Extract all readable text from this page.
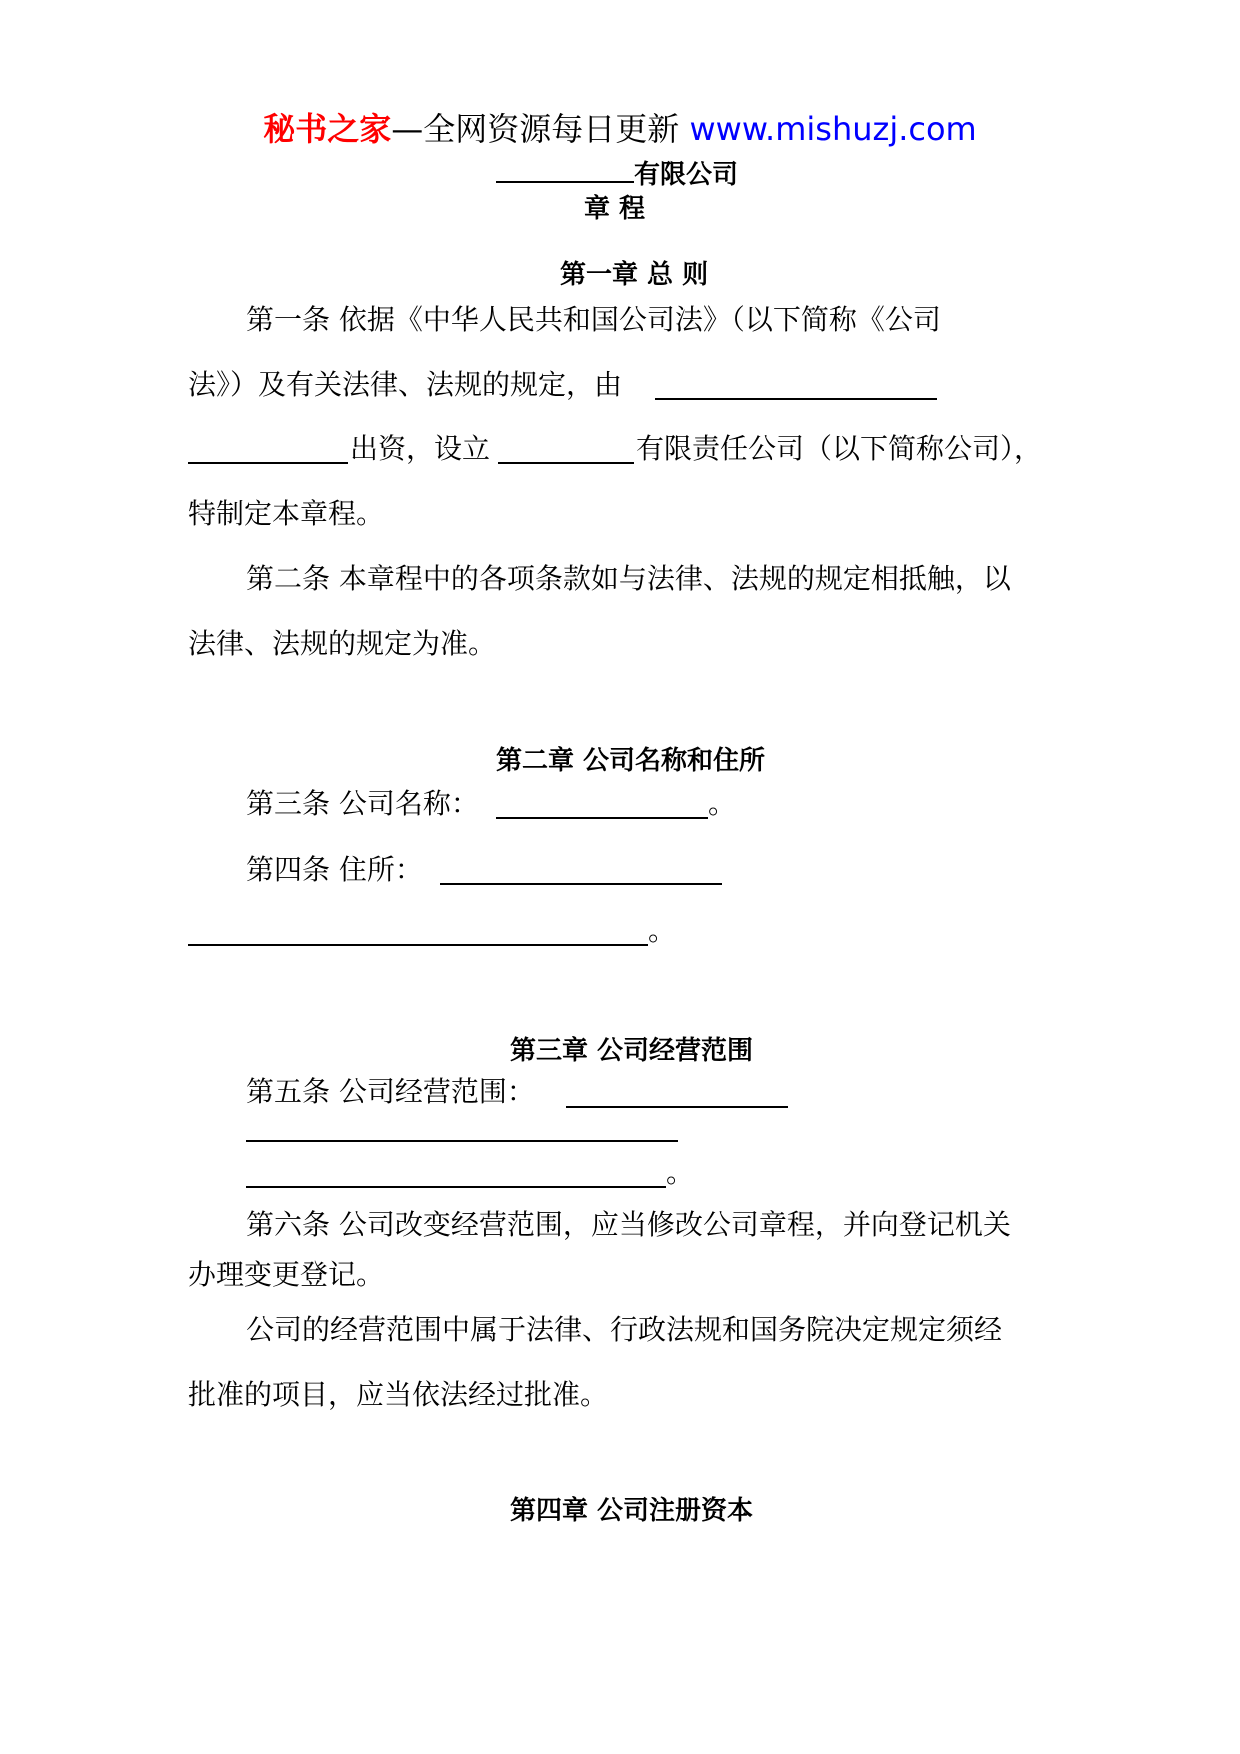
秘书之家—全网资源每日更新 www.mishuzj.com
有限公司
章 程
第一章 总 则
第一条 依据《中华人民共和国公司法》（以下简称《公司
法》）及有关法律、法规的规定，由
出资，设立	有限责任公司（以下简称公司），
特制定本章程。
第二条 本章程中的各项条款如与法律、法规的规定相抵触，以
法律、法规的规定为准。
第二章 公司名称和住所
第三条 公司名称：	。
第四条 住所：
。
第三章 公司经营范围
第五条 公司经营范围：
。
第六条 公司改变经营范围，应当修改公司章程，并向登记机关
办理变更登记。
公司的经营范围中属于法律、行政法规和国务院决定规定须经
批准的项目，应当依法经过批准。
第四章 公司注册资本
